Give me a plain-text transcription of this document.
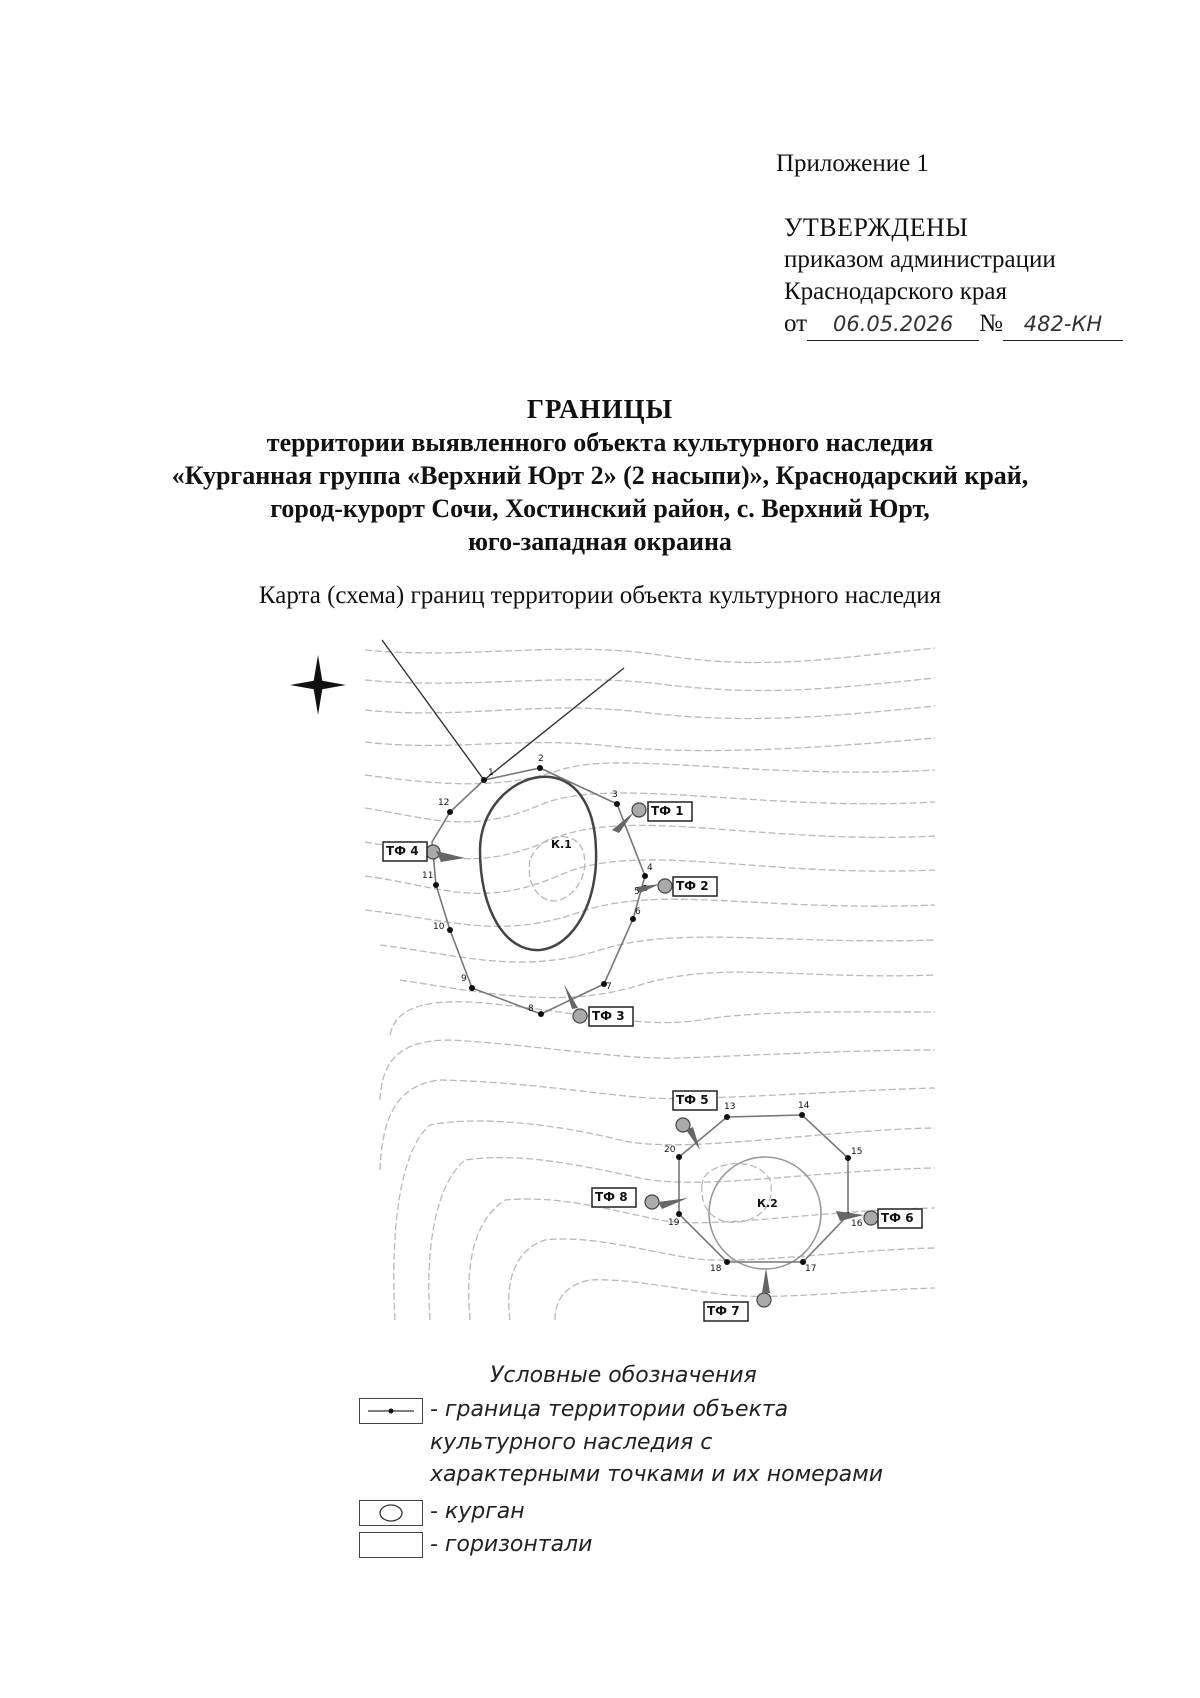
Приложение 1
УТВЕРЖДЕНЫ
приказом администрации
Краснодарского края
от 06.05.2026 № 482-КН
ГРАНИЦЫ
территории выявленного объекта культурного наследия
«Курганная группа «Верхний Юрт 2» (2 насыпи)», Краснодарский край,
город-курорт Сочи, Хостинский район, с. Верхний Юрт,
юго-западная окраина
Карта (схема) границ территории объекта культурного наследия
ТФ 1
ТФ 2
ТФ 3
ТФ 4
ТФ 5
ТФ 6
ТФ 7
ТФ 8
К.1
К.2
1
2
3
4
5
6
7
8
9
10
11
12
13	14
15
16
17
18
19
20
Условные обозначения
- граница территории объекта
культурного наследия с
характерными точками и их номерами
- курган
- горизонтали
